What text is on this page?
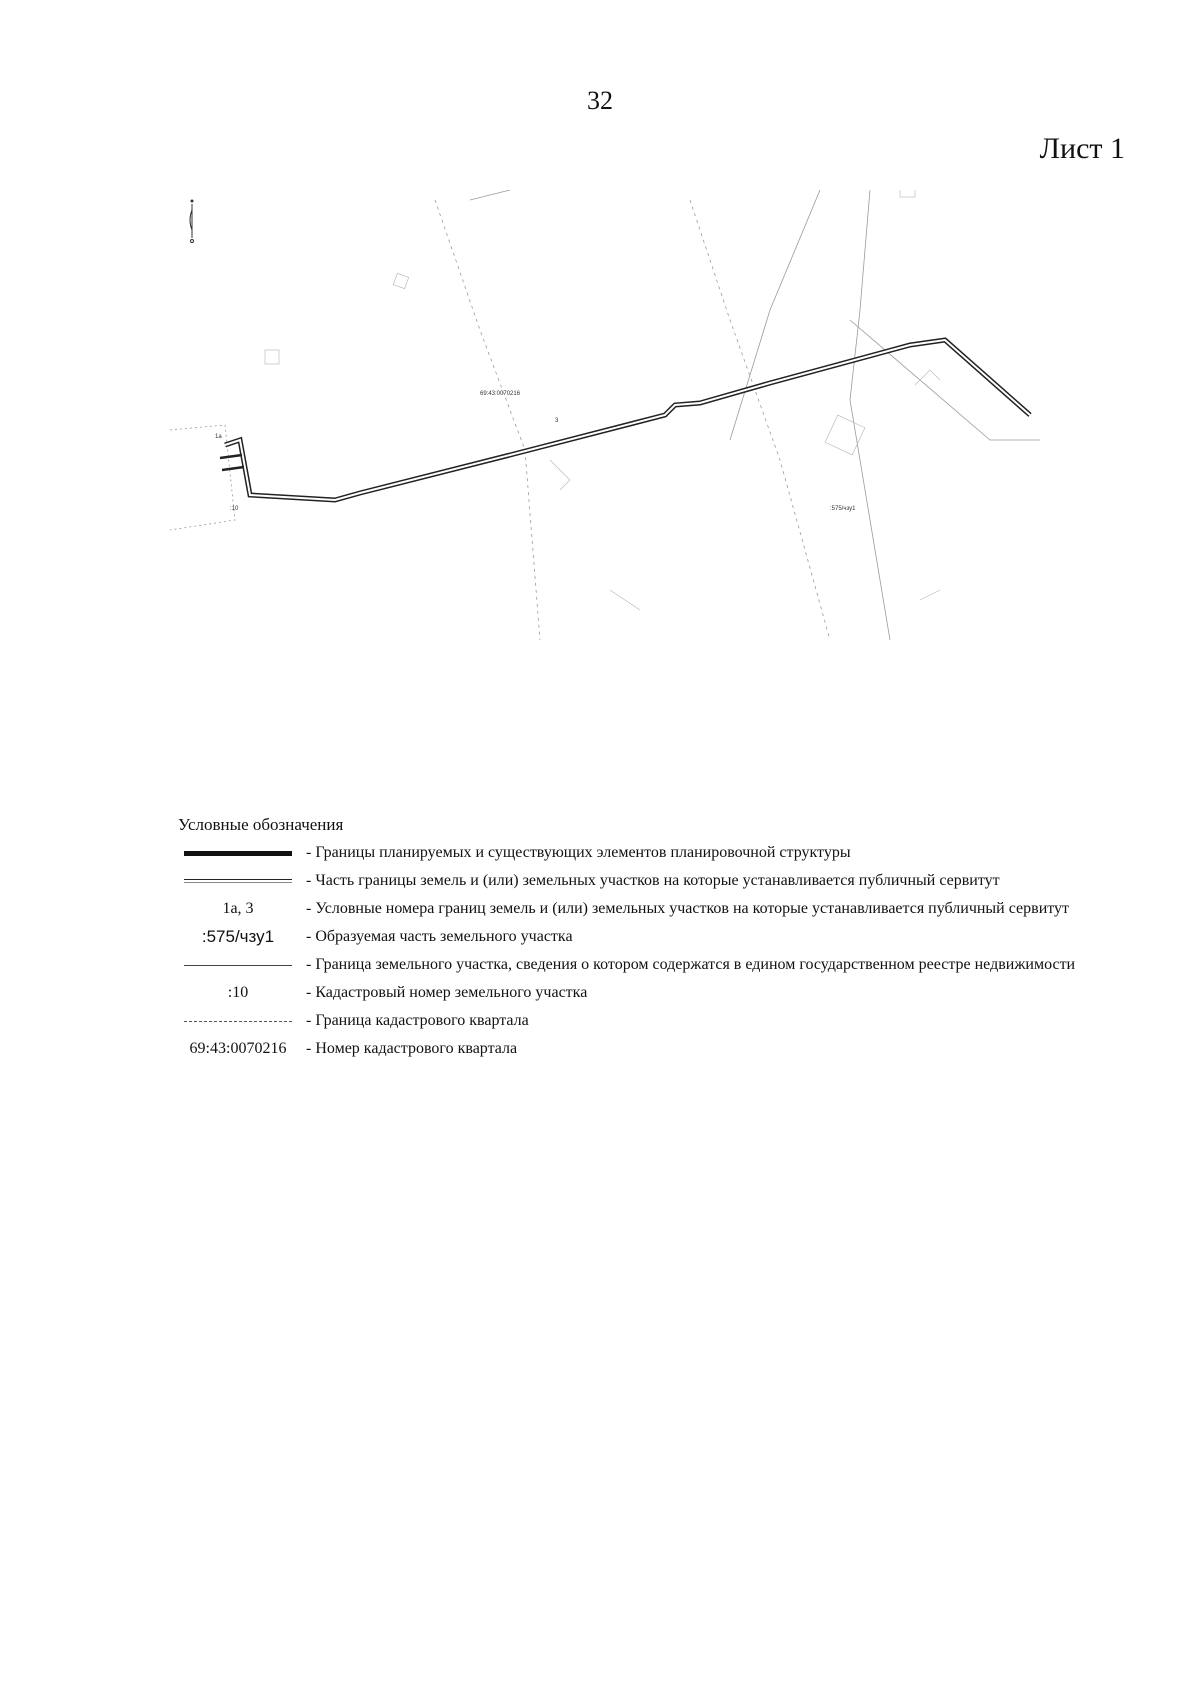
32
Лист 1
69:43:0070216
:10	:575/чзу1
1a
3
Условные обозначения
- Границы планируемых и существующих элементов планировочной структуры
- Часть границы земель и (или) земельных участков на которые устанавливается публичный сервитут
1a, 3	- Условные номера границ земель и (или) земельных участков на которые устанавливается публичный сервитут
:575/чзу1	- Образуемая часть земельного участка
- Граница земельного участка, сведения о котором содержатся в едином государственном реестре недвижимости
:10	- Кадастровый номер земельного участка
- Граница кадастрового квартала
69:43:0070216	- Номер кадастрового квартала
